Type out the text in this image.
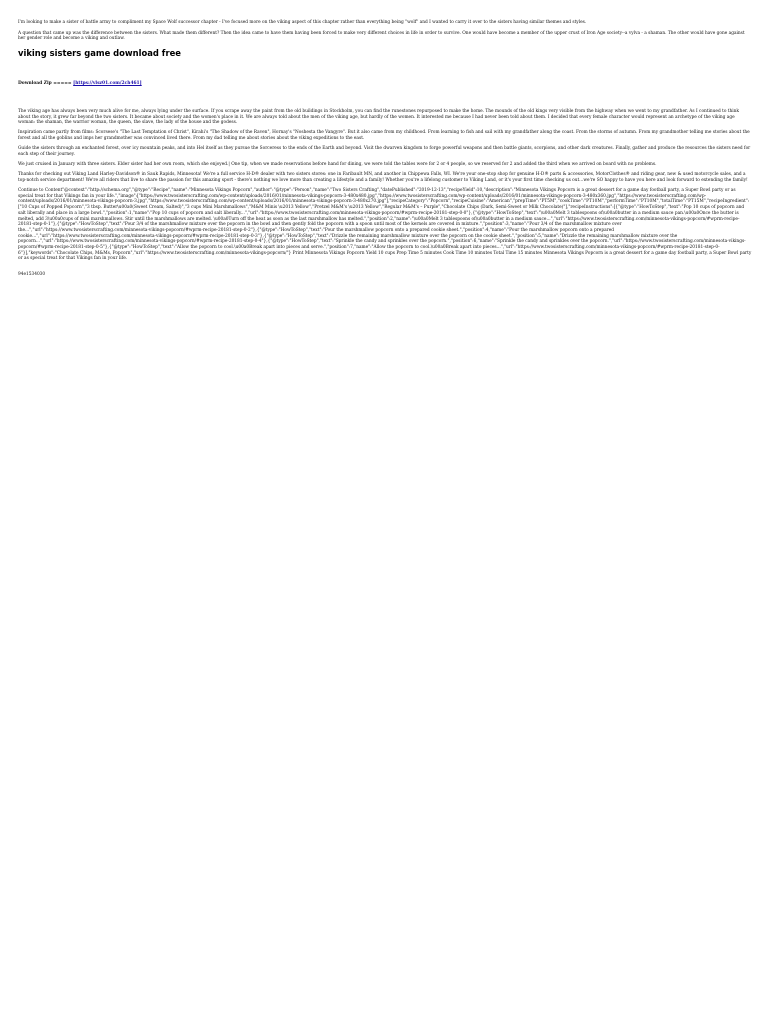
I'm looking to make a sister of battle army to compliment my Space Wolf successor chapter - I've focused more on the viking aspect of this chapter rather than everything being "wolf" and I wanted to carry it over to the sisters having similar themes and styles.

A question that came up was the difference between the sisters. What made them different? Then the idea came to have them having been forced to make very different choices in life in order to survive. One would have become a member of the upper crust of Iron Age society--a vylva - a shaman. The other would have gone against her gender role and become a viking and outlaw.

viking sisters game download free
Download Zip ===== [https://vlsz01.com/2ch461]

The viking age has always been very much alive for me, always lying under the surface. If you scrape away the paint from the old buildings in Stockholm, you can find the runestones repurposed to make the home. The mounds of the old kings very visible from the highway when we went to my grandfather. As I continued to think about the story, it grew far beyond the two sisters. It became about society and the women's place in it. We are always told about the men of the viking age, but hardly of the women. It interested me because I had never been told about them. I decided that every female character would represent an archetype of the viking age woman: the shaman, the warrior woman, the queen, the slave, the lady of the house and the godess.

Inspiration came partly from films: Scorsese's "The Last Temptation of Christ", Kirahi's "The Shadow of the Raven", Hornay's "Noshesta the Vangyre". But it also came from my childhood. From learning to fish and sail with my grandfather along the coast. From the storms of autumn. From my grandmother telling me stories about the forest and all the goblins and imps her grandmother was convinced lived there. From my dad telling me about stories about the viking expeditions to the east.

Guide the sisters through an enchanted forest, over icy mountain peaks, and into Hel itself as they pursue the Sorceress to the ends of the Earth and beyond. Visit the dwarven kingdom to forge powerful weapons and then battle giants, scorpions, and other dark creatures. Finally, gather and produce the resources the sisters need for each step of their journey.

We just cruised in January with three sisters. Elder sister had her own room, which she enjoyed.| One tip, when we made reservations before hand for dining, we were told the tables were for 2 or 4 people, so we reserved for 2 and added the third when we arrived on board with no problems.

Thanks for checking out Viking Land Harley-Davidson® in Sauk Rapids, Minnesota! We're a full service H-D® dealer with two sisters stores: one in Faribault MN, and another in Chippewa Falls, WI. We're your one-stop shop for genuine H-D® parts & accessories, MotorClothes® and riding gear, new & used motorcycle sales, and a top-notch service department! We're all riders that live to share the passion for this amazing sport - there's nothing we love more than creating a lifestyle and a family! Whether you're a lifelong customer to Viking Land, or it's your first time checking us out...we're SO happy to have you here and look forward to extending the family!

Continue to Content"@context":"http://schema.org","@type":"Recipe","name":"Minnesota Vikings Popcorn","author":"@type":"Person","name":"Two Sisters Crafting","datePublished":"2019-12-13","recipeYield":10,"description":"Minnesota Vikings Popcorn is a great dessert for a game day football party, a Super Bowl party or as special treat for that Vikings fan in your life.","image":["https://www.twosisterscrafting.com/wp-content/uploads/2016/01/minnesota-vikings-popcorn-3-480x480.jpg","https://www.twosisterscrafting.com/wp-content/uploads/2016/01/minnesota-vikings-popcorn-3-480x360.jpg","https://www.twosisterscrafting.com/wp-content/uploads/2016/01/minnesota-vikings-popcorn-3.jpg","https://www.twosisterscrafting.com/wp-content/uploads/2016/01/minnesota-vikings-popcorn-3-480x270.jpg"],"recipeCategory":"Popcorn","recipeCuisine":"American","prepTime":"PT5M","cookTime":"PT10M","performTime":"PT10M","totalTime":"PT15M","recipeIngredient":["10 Cups of Popped Popcorn","3 tbsp. Butter\u00a0(Sweet Cream, Salted)","3 cups Mini Marshmallows","M&M Minis \u2013 Yellow","Pretzel M&M's \u2013 Yellow","Regular M&M's – Purple","Chocolate Chips (Dark, Semi-Sweet or Milk Chocolate)"],"recipeInstructions":[{"@type":"HowToStep","text":"Pop 10 cups of popcorn and salt liberally and place in a large bowl.","position":1,"name":"Pop 10 cups of popcorn and salt liberally...","url":"https://www.twosisterscrafting.com/minnesota-vikings-popcorn/#wprm-recipe-20181-step-0-0"},{"@type":"HowToStep","text":"\u00a0Melt 3 tablespoons of\u00a0butter in a medium sauce pan.\u00a0Once the butter is melted, add 3\u00a0cups of mini marshmallows. Stir until the marshmallows are melted. \u00a0Turn off the heat as soon as the last marshmallow has melted.","position":2,"name":"\u00a0Melt 3 tablespoons of\u00a0butter in a medium sauce...","url":"https://www.twosisterscrafting.com/minnesota-vikings-popcorn/#wprm-recipe-20181-step-0-1"},{"@type":"HowToStep","text":"Pour 3/4 of the marshmallow mixture over the popcorn in the bowl and then gently fold the popcorn with a spoon until most of the kernels are covered in mixture.","position":3,"name":"Pour 3/4 of the marshmallow mixture over the...","url":"https://www.twosisterscrafting.com/minnesota-vikings-popcorn/#wprm-recipe-20181-step-0-2"},{"@type":"HowToStep","text":"Pour the marshmallow popcorn onto a prepared cookie sheet.","position":4,"name":"Pour the marshmallow popcorn onto a prepared cookie...","url":"https://www.twosisterscrafting.com/minnesota-vikings-popcorn/#wprm-recipe-20181-step-0-3"},{"@type":"HowToStep","text":"Drizzle the remaining marshmallow mixture over the popcorn on the cookie sheet.","position":5,"name":"Drizzle the remaining marshmallow mixture over the popcorn...","url":"https://www.twosisterscrafting.com/minnesota-vikings-popcorn/#wprm-recipe-20181-step-0-4"},{"@type":"HowToStep","text":"Sprinkle the candy and sprinkles over the popcorn.","position":6,"name":"Sprinkle the candy and sprinkles over the popcorn.","url":"https://www.twosisterscrafting.com/minnesota-vikings-popcorn/#wprm-recipe-20181-step-0-5"},{"@type":"HowToStep","text":"Allow the popcorn to cool.\u00a0Break apart into pieces and serve.","position":7,"name":"Allow the popcorn to cool.\u00a0Break apart into pieces...","url":"https://www.twosisterscrafting.com/minnesota-vikings-popcorn/#wprm-recipe-20181-step-0-6"}],"keywords":"Chocolate Chips, M&Ms, Popcorn","url":"https://www.twosisterscrafting.com/minnesota-vikings-popcorn/"} Print Minnesota Vikings Popcorn Yield 10 cups Prep Time 5 minutes Cook Time 10 minutes Total Time 15 minutes Minnesota Vikings Popcorn is a great dessert for a game day football party, a Super Bowl party or as special treat for that Vikings fan in your life.

94e1534030
